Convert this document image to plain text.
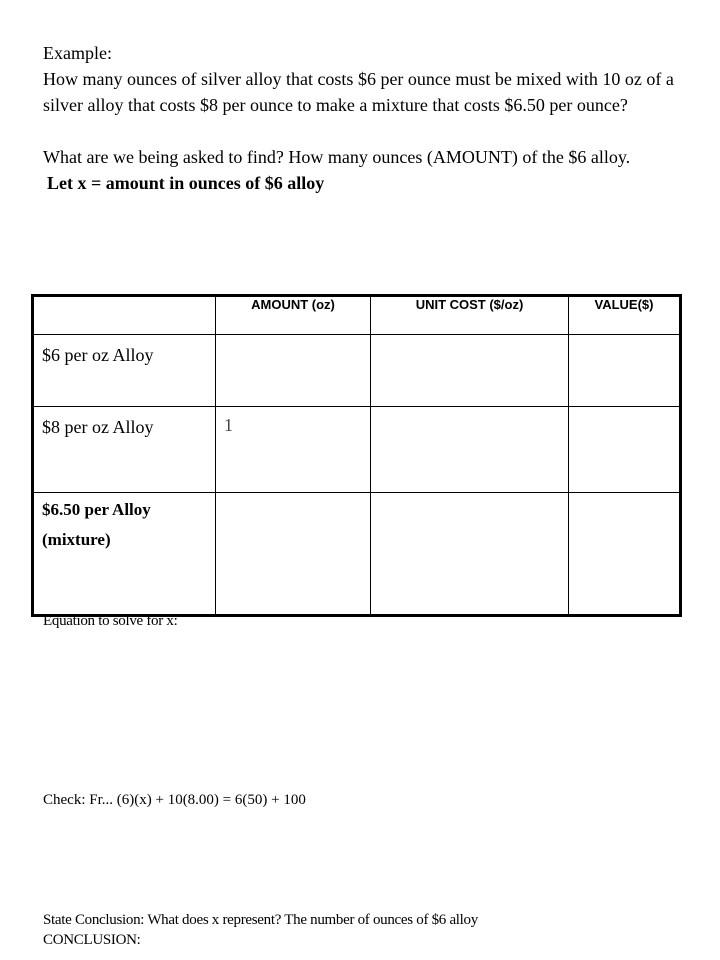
Example:

How many ounces of silver alloy that costs $6 per ounce must be mixed with 10 oz of a silver alloy that costs $8 per ounce to make a mixture that costs $6.50 per ounce?

What are we being asked to find? How many ounces (AMOUNT) of the $6 alloy.

Let x = amount in ounces of $6 alloy

	AMOUNT (oz)	UNIT COST ($/oz)	VALUE($)
$6 per oz Alloy			
$8 per oz Alloy	1		

$6.50 per Alloy
(mixture)			

Equation to solve for x:
Check: Fr... (6)(x) + 10(8.00) = 6(50) + 100

State Conclusion: What does x represent? The number of ounces of $6 alloy

CONCLUSION:
